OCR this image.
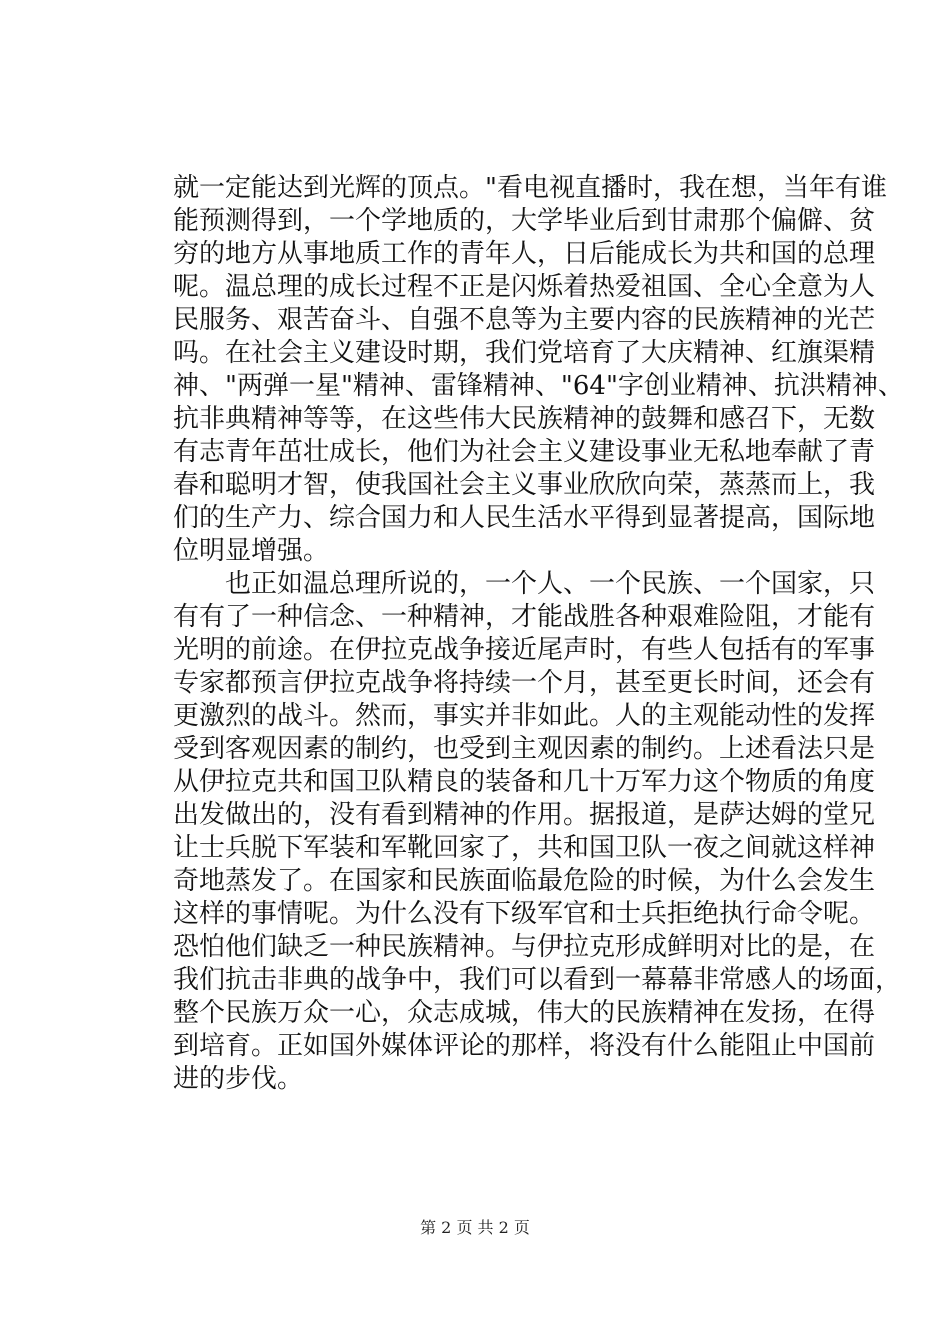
就一定能达到光辉的顶点。"看电视直播时，我在想，当年有谁
能预测得到，一个学地质的，大学毕业后到甘肃那个偏僻、贫
穷的地方从事地质工作的青年人，日后能成长为共和国的总理
呢。温总理的成长过程不正是闪烁着热爱祖国、全心全意为人
民服务、艰苦奋斗、自强不息等为主要内容的民族精神的光芒
吗。在社会主义建设时期，我们党培育了大庆精神、红旗渠精
神、"两弹一星"精神、雷锋精神、"64"字创业精神、抗洪精神、
抗非典精神等等，在这些伟大民族精神的鼓舞和感召下，无数
有志青年茁壮成长，他们为社会主义建设事业无私地奉献了青
春和聪明才智，使我国社会主义事业欣欣向荣，蒸蒸而上，我
们的生产力、综合国力和人民生活水平得到显著提高，国际地
位明显增强。
　　也正如温总理所说的，一个人、一个民族、一个国家，只
有有了一种信念、一种精神，才能战胜各种艰难险阻，才能有
光明的前途。在伊拉克战争接近尾声时，有些人包括有的军事
专家都预言伊拉克战争将持续一个月，甚至更长时间，还会有
更激烈的战斗。然而，事实并非如此。人的主观能动性的发挥
受到客观因素的制约，也受到主观因素的制约。上述看法只是
从伊拉克共和国卫队精良的装备和几十万军力这个物质的角度
出发做出的，没有看到精神的作用。据报道，是萨达姆的堂兄
让士兵脱下军装和军靴回家了，共和国卫队一夜之间就这样神
奇地蒸发了。在国家和民族面临最危险的时候，为什么会发生
这样的事情呢。为什么没有下级军官和士兵拒绝执行命令呢。
恐怕他们缺乏一种民族精神。与伊拉克形成鲜明对比的是，在
我们抗击非典的战争中，我们可以看到一幕幕非常感人的场面，
整个民族万众一心，众志成城，伟大的民族精神在发扬，在得
到培育。正如国外媒体评论的那样，将没有什么能阻止中国前
进的步伐。
第 2 页 共 2 页
